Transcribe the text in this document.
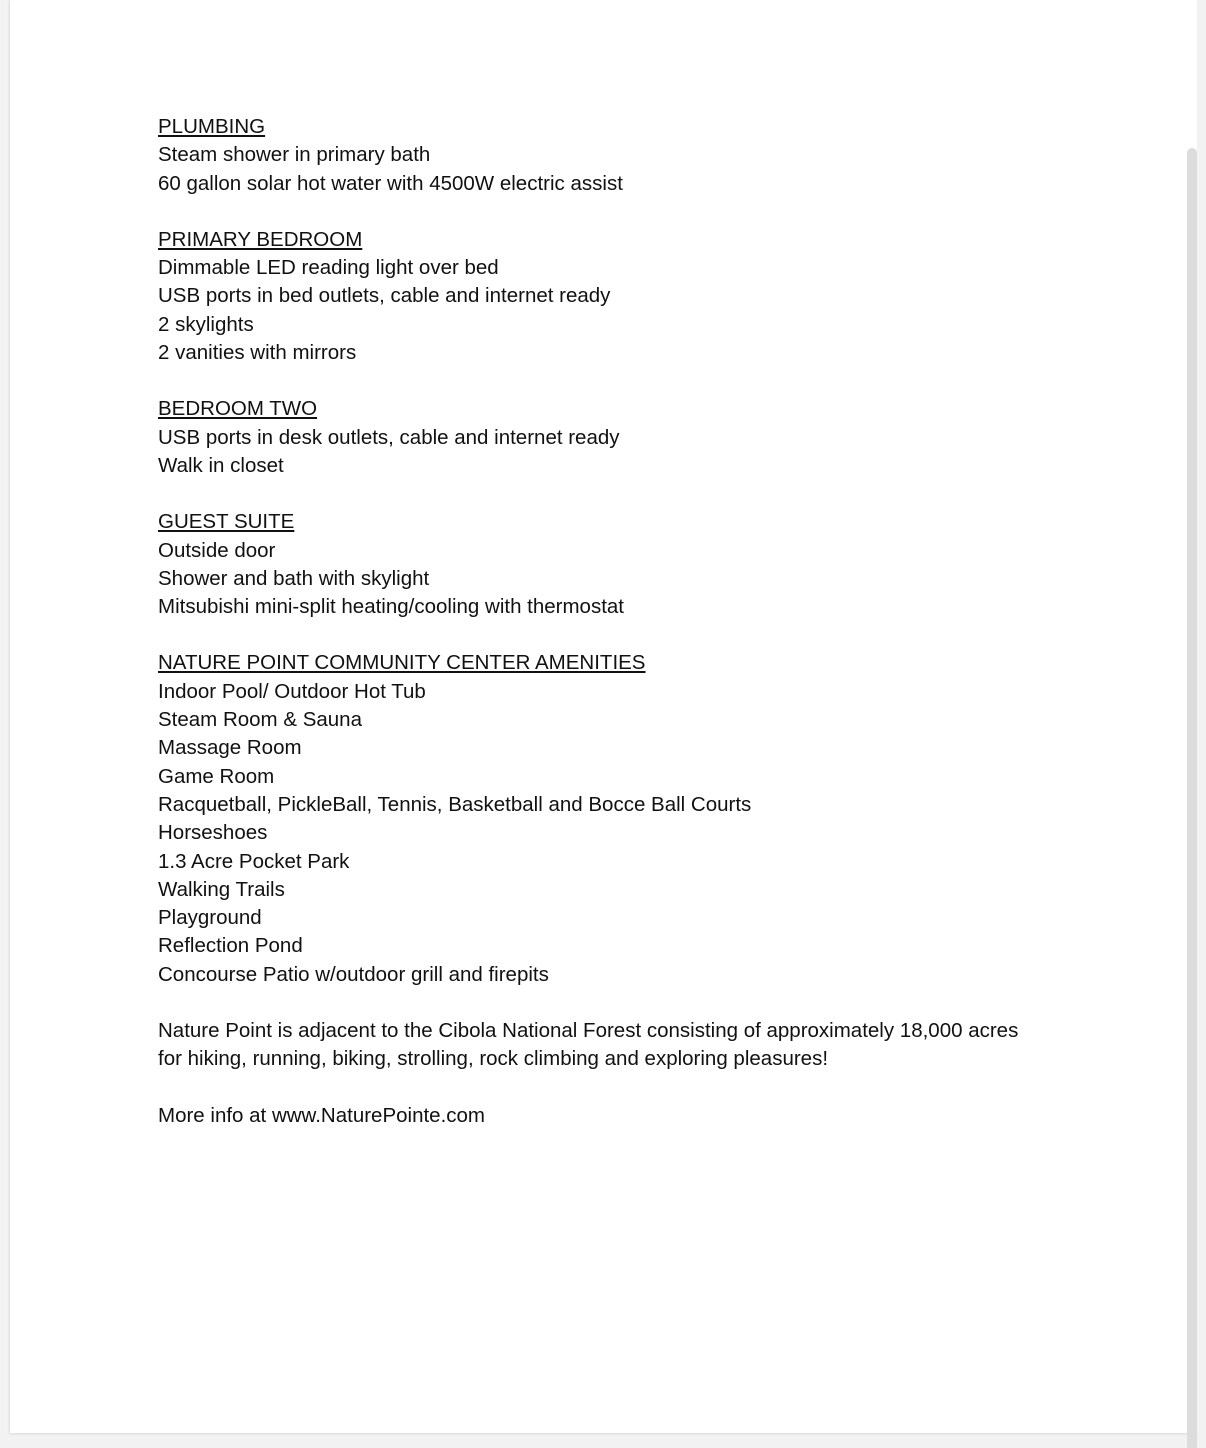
PLUMBING
Steam shower in primary bath
60 gallon solar hot water with 4500W electric assist
PRIMARY BEDROOM
Dimmable LED reading light over bed
USB ports in bed outlets, cable and internet ready
2 skylights
2 vanities with mirrors
BEDROOM TWO
USB ports in desk outlets, cable and internet ready
Walk in closet
GUEST SUITE
Outside door
Shower and bath with skylight
Mitsubishi mini-split heating/cooling with thermostat
NATURE POINT COMMUNITY CENTER AMENITIES
Indoor Pool/ Outdoor Hot Tub
Steam Room & Sauna
Massage Room
Game Room
Racquetball, PickleBall, Tennis, Basketball and Bocce Ball Courts
Horseshoes
1.3 Acre Pocket Park
Walking Trails
Playground
Reflection Pond
Concourse Patio w/outdoor grill and firepits
Nature Point is adjacent to the Cibola National Forest consisting of approximately 18,000 acres
for hiking, running, biking, strolling, rock climbing and exploring pleasures!
More info at www.NaturePointe.com
